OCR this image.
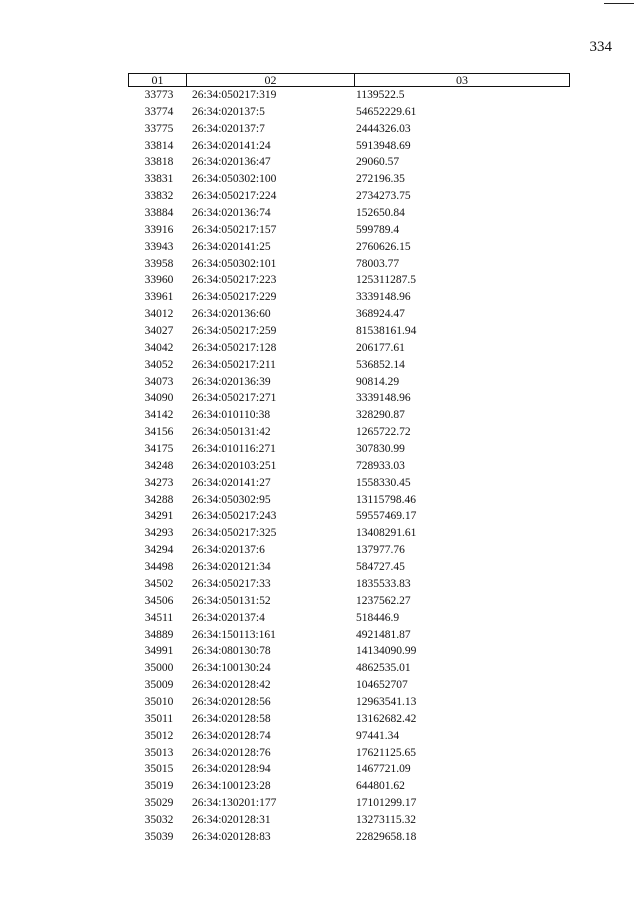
334
01	02	03
33773	26:34:050217:319	1139522.5
33774	26:34:020137:5	54652229.61
33775	26:34:020137:7	2444326.03
33814	26:34:020141:24	5913948.69
33818	26:34:020136:47	29060.57
33831	26:34:050302:100	272196.35
33832	26:34:050217:224	2734273.75
33884	26:34:020136:74	152650.84
33916	26:34:050217:157	599789.4
33943	26:34:020141:25	2760626.15
33958	26:34:050302:101	78003.77
33960	26:34:050217:223	125311287.5
33961	26:34:050217:229	3339148.96
34012	26:34:020136:60	368924.47
34027	26:34:050217:259	81538161.94
34042	26:34:050217:128	206177.61
34052	26:34:050217:211	536852.14
34073	26:34:020136:39	90814.29
34090	26:34:050217:271	3339148.96
34142	26:34:010110:38	328290.87
34156	26:34:050131:42	1265722.72
34175	26:34:010116:271	307830.99
34248	26:34:020103:251	728933.03
34273	26:34:020141:27	1558330.45
34288	26:34:050302:95	13115798.46
34291	26:34:050217:243	59557469.17
34293	26:34:050217:325	13408291.61
34294	26:34:020137:6	137977.76
34498	26:34:020121:34	584727.45
34502	26:34:050217:33	1835533.83
34506	26:34:050131:52	1237562.27
34511	26:34:020137:4	518446.9
34889	26:34:150113:161	4921481.87
34991	26:34:080130:78	14134090.99
35000	26:34:100130:24	4862535.01
35009	26:34:020128:42	104652707
35010	26:34:020128:56	12963541.13
35011	26:34:020128:58	13162682.42
35012	26:34:020128:74	97441.34
35013	26:34:020128:76	17621125.65
35015	26:34:020128:94	1467721.09
35019	26:34:100123:28	644801.62
35029	26:34:130201:177	17101299.17
35032	26:34:020128:31	13273115.32
35039	26:34:020128:83	22829658.18
